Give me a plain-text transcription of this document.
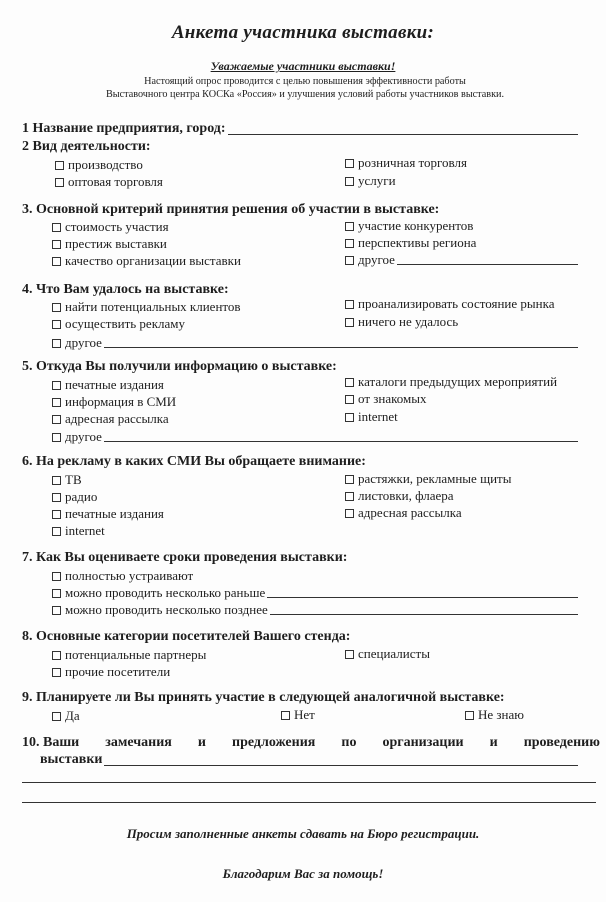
Анкета участника выставки:
Уважаемые участники выставки!
Настоящий опрос проводится с целью повышения эффективности работы
Выставочного центра КОСКа «Россия» и улучшения условий работы участников выставки.
1 Название предприятия, город:
2 Вид деятельности:
производство
оптовая торговля
розничная торговля
услуги
3. Основной критерий принятия решения об участии в выставке:
стоимость участия
престиж выставки
качество организации выставки
участие конкурентов
перспективы региона
другое
4. Что Вам удалось на выставке:
найти потенциальных клиентов
осуществить рекламу
проанализировать состояние рынка
ничего не удалось
другое
5. Откуда Вы получили информацию о выставке:
печатные издания
информация в СМИ
адресная рассылка
другое
каталоги предыдущих мероприятий
от знакомых
internet
6. На рекламу в каких СМИ Вы обращаете внимание:
ТВ
радио
печатные издания
internet
растяжки, рекламные щиты
листовки, флаера
адресная рассылка
7. Как Вы оцениваете сроки проведения выставки:
полностью устраивают
можно проводить несколько раньше
можно проводить несколько позднее
8. Основные категории посетителей Вашего стенда:
потенциальные партнеры
прочие посетители
специалисты
9. Планируете ли Вы принять участие в следующей аналогичной выставке:
Да	Нет	Не знаю
10. Ваши замечания и предложения по организации и проведению
выставки
Просим заполненные анкеты сдавать на Бюро регистрации.
Благодарим Вас за помощь!
